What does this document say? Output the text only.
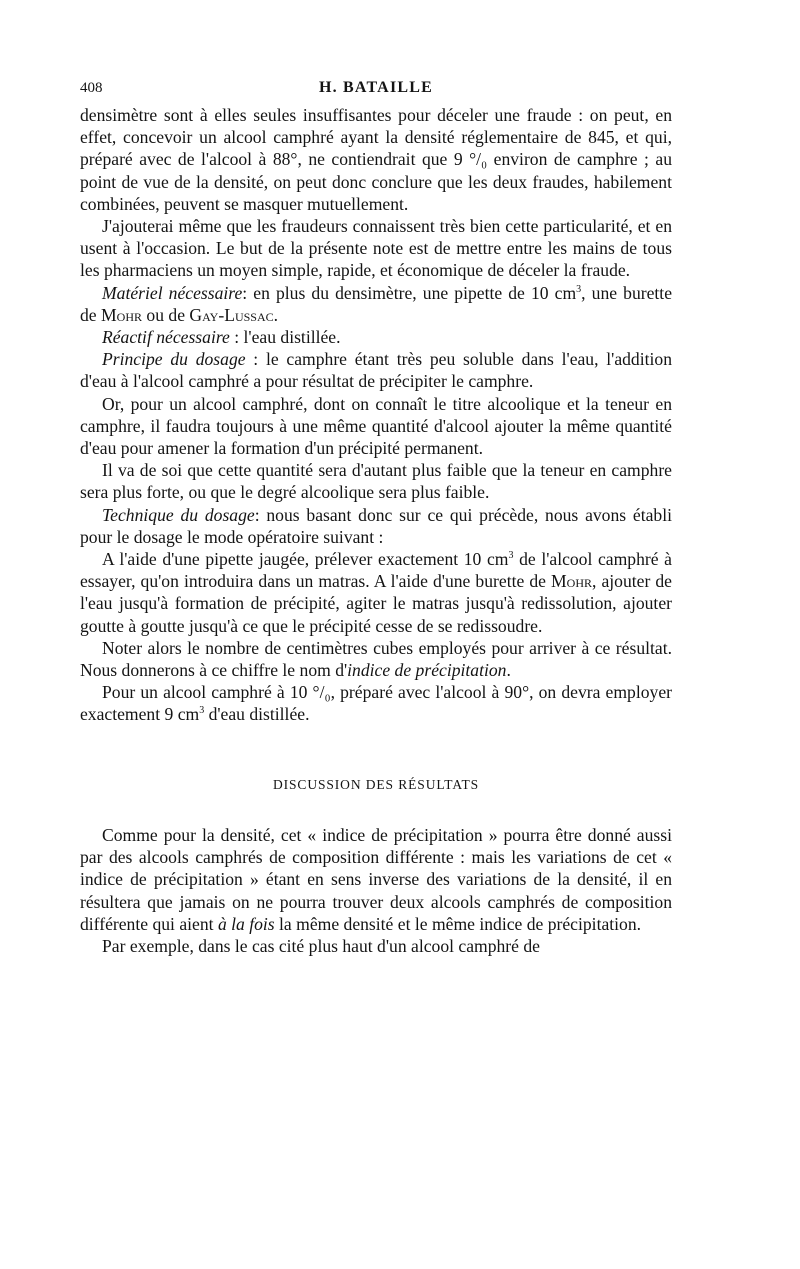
408	H. BATAILLE

densimètre sont à elles seules insuffisantes pour déceler une fraude : on peut, en effet, concevoir un alcool camphré ayant la densité réglementaire de 845, et qui, préparé avec de l'alcool à 88°, ne contiendrait que 9 °/₀ environ de camphre ; au point de vue de la densité, on peut donc conclure que les deux fraudes, habilement combinées, peuvent se masquer mutuellement.

J'ajouterai même que les fraudeurs connaissent très bien cette particularité, et en usent à l'occasion. Le but de la présente note est de mettre entre les mains de tous les pharmaciens un moyen simple, rapide, et économique de déceler la fraude.

Matériel nécessaire: en plus du densimètre, une pipette de 10 $cm^3$, une burette de Mohr ou de Gay-Lussac.

Réactif nécessaire : l'eau distillée.

Principe du dosage : le camphre étant très peu soluble dans l'eau, l'addition d'eau à l'alcool camphré a pour résultat de précipiter le camphre.

Or, pour un alcool camphré, dont on connaît le titre alcoolique et la teneur en camphre, il faudra toujours à une même quantité d'alcool ajouter la même quantité d'eau pour amener la formation d'un précipité permanent.

Il va de soi que cette quantité sera d'autant plus faible que la teneur en camphre sera plus forte, ou que le degré alcoolique sera plus faible.

Technique du dosage: nous basant donc sur ce qui précède, nous avons établi pour le dosage le mode opératoire suivant :

A l'aide d'une pipette jaugée, prélever exactement 10 $cm^3$ de l'alcool camphré à essayer, qu'on introduira dans un matras. A l'aide d'une burette de Mohr, ajouter de l'eau jusqu'à formation de précipité, agiter le matras jusqu'à redissolution, ajouter goutte à goutte jusqu'à ce que le précipité cesse de se redissoudre.

Noter alors le nombre de centimètres cubes employés pour arriver à ce résultat. Nous donnerons à ce chiffre le nom d'indice de précipitation.

Pour un alcool camphré à 10 °/₀, préparé avec l'alcool à 90°, on devra employer exactement 9 $cm^3$ d'eau distillée.

DISCUSSION DES RÉSULTATS

Comme pour la densité, cet « indice de précipitation » pourra être donné aussi par des alcools camphrés de composition différente : mais les variations de cet « indice de précipitation » étant en sens inverse des variations de la densité, il en résultera que jamais on ne pourra trouver deux alcools camphrés de composition différente qui aient à la fois la même densité et le même indice de précipitation.

Par exemple, dans le cas cité plus haut d'un alcool camphré de
